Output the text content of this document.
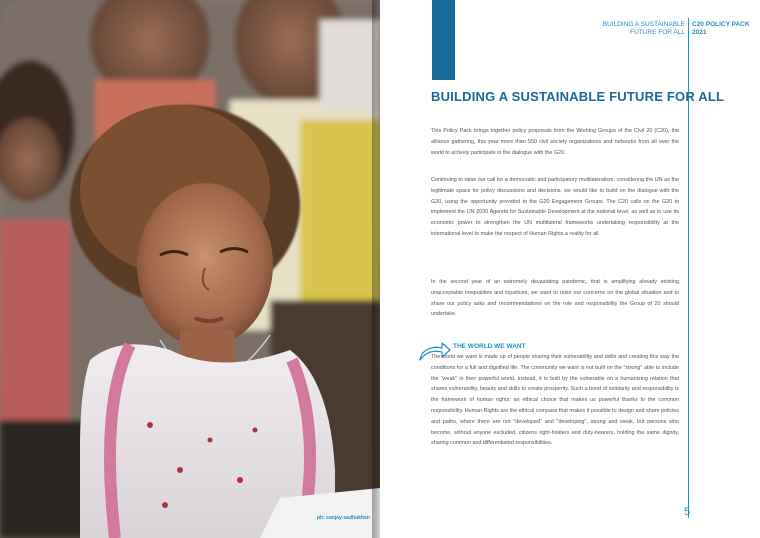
ph: sanjay-sadhukhen
BUILDING A SUSTAINABLE
FUTURE FOR ALL
C20 POLICY PACK
2021
BUILDING A SUSTAINABLE FUTURE FOR ALL
This Policy Pack brings together policy proposals from the Working Groups of the Civil 20 (C20), the alliance gathering, this year more than 550 civil society organizations and networks from all over the world to actively participate in the dialogue with the G20.
Continuing to raise our call for a democratic and participatory multilateralism, considering the UN as the legitimate space for policy discussions and decisions, we would like to build on the dialogue with the G20, using the opportunity provided to the G20 Engagement Groups. The C20 calls on the G20 to implement the UN 2030 Agenda for Sustainable Development at the national level, as well as to use its economic power to strengthen the UN multilateral frameworks undertaking responsibility at the international level to make the respect of Human Rights a reality for all.
In the second year of an extremely devastating pandemic, that is amplifying already existing unacceptable inequalities and injustices, we want to raise our concerns on the global situation and to share our policy asks and recommendations on the role and responsibility the Group of 20 should undertake.
THE WORLD WE WANT
The world we want is made up of people sharing their vulnerability and skills and creating this way the conditions for a full and dignified life. The community we want is not built on the "strong" able to include the "weak" in their powerful world. Instead, it is built by the vulnerable on a humanizing relation that shares vulnerability, beauty and skills to create prosperity. Such a bond of solidarity and responsibility is the framework of human rights: an ethical choice that makes us powerful thanks to the common responsibility. Human Rights are the ethical compass that makes it possible to design and share policies and paths, where there are not "developed" and "developing", strong and weak, but persons who become, without anyone excluded, citizens right-holders and duty-bearers, holding the same dignity, sharing common and differentiated responsibilities.
5
